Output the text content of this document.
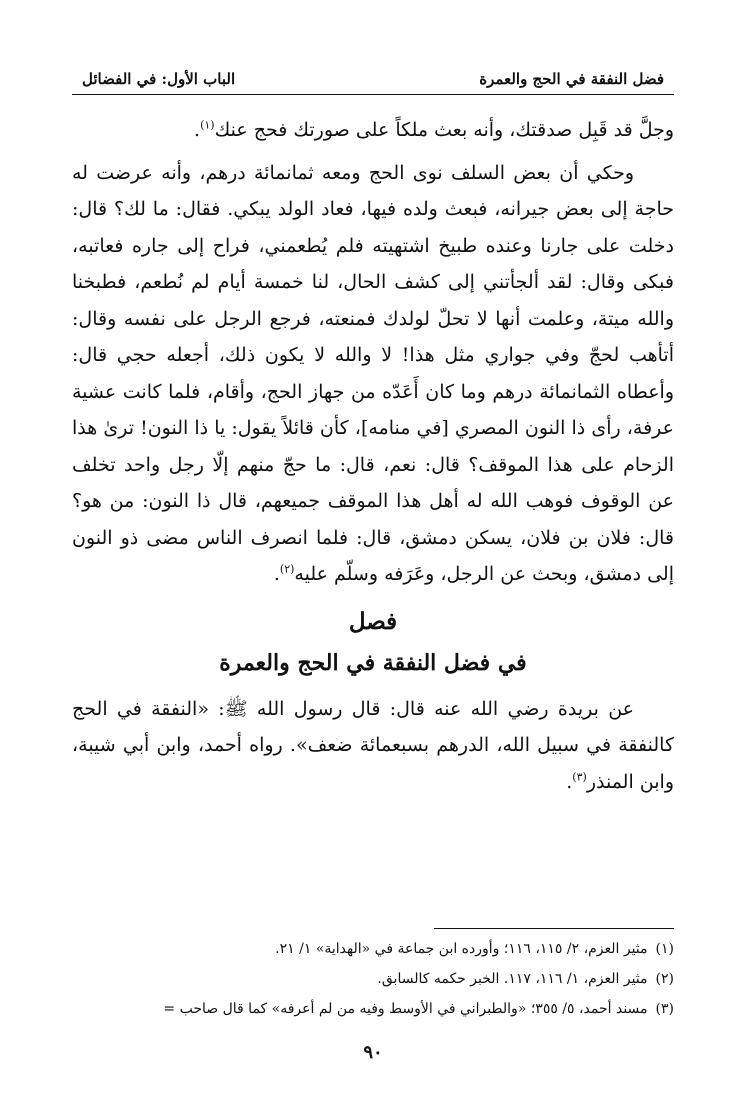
فضل النفقة في الحج والعمرة
الباب الأول: في الفضائل

وجلَّ قد قَبِل صدقتك، وأنه بعث ملكاً على صورتك فحج عنك$^{(١)}$.

وحكي أن بعض السلف نوى الحج ومعه ثمانمائة درهم، وأنه عرضت له حاجة إلى بعض جيرانه، فبعث ولده فيها، فعاد الولد يبكي. فقال: ما لك؟ قال: دخلت على جارنا وعنده طبيخ اشتهيته فلم يُطعمني، فراح إلى جاره فعاتبه، فبكى وقال: لقد ألجأتني إلى كشف الحال، لنا خمسة أيام لم نُطعم، فطبخنا والله ميتة، وعلمت أنها لا تحلّ لولدك فمنعته، فرجع الرجل على نفسه وقال: أتأهب لحجّ وفي جواري مثل هذا! لا والله لا يكون ذلك، أجعله حجي قال: وأعطاه الثمانمائة درهم وما كان أَعَدّه من جهاز الحج، وأقام، فلما كانت عشية عرفة، رأى ذا النون المصري [في منامه]، كأن قائلاً يقول: يا ذا النون! ترىٰ هذا الزحام على هذا الموقف؟ قال: نعم، قال: ما حجّ منهم إلّا رجل واحد تخلف عن الوقوف فوهب الله له أهل هذا الموقف جميعهم، قال ذا النون: من هو؟ قال: فلان بن فلان، يسكن دمشق، قال: فلما انصرف الناس مضى ذو النون إلى دمشق، وبحث عن الرجل، وعَرَفه وسلّم عليه$^{(٢)}$.

فصل
في فضل النفقة في الحج والعمرة

عن بريدة رضي الله عنه قال: قال رسول الله ﷺ: «النفقة في الحج كالنفقة في سبيل الله، الدرهم بسبعمائة ضعف». رواه أحمد، وابن أبي شيبة، وابن المنذر$^{(٣)}$.

(١)مثير العزم، ٢/ ١١٥، ١١٦؛ وأورده ابن جماعة في «الهداية» ١/ ٢١.
(٢)مثير العزم، ١/ ١١٦، ١١٧. الخبر حكمه كالسابق.
(٣)مسند أحمد، ٥/ ٣٥٥؛ «والطبراني في الأوسط وفيه من لم أعرفه» كما قال صاحب =
٩٠
